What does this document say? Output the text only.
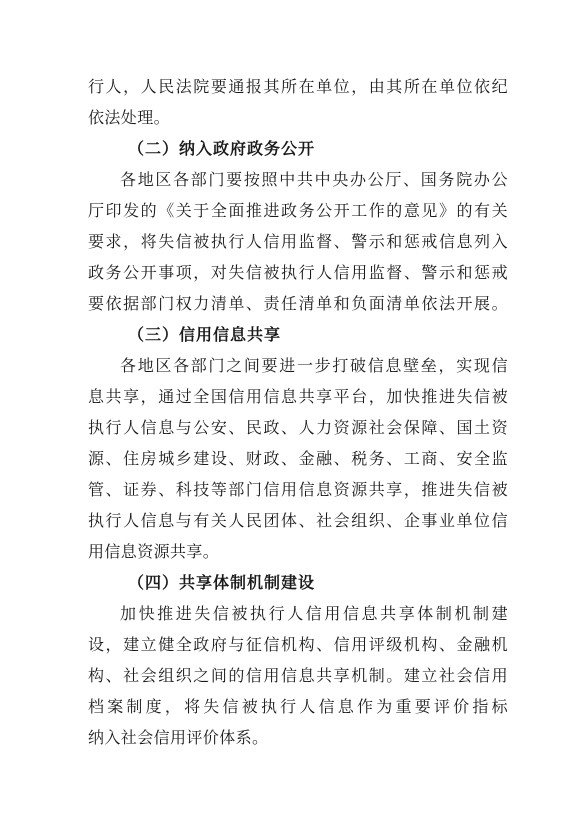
行人，人民法院要通报其所在单位，由其所在单位依纪
依法处理。
（二）纳入政府政务公开
各地区各部门要按照中共中央办公厅、国务院办公
厅印发的《关于全面推进政务公开工作的意见》的有关
要求，将失信被执行人信用监督、警示和惩戒信息列入
政务公开事项，对失信被执行人信用监督、警示和惩戒
要依据部门权力清单、责任清单和负面清单依法开展。
（三）信用信息共享
各地区各部门之间要进一步打破信息壁垒，实现信
息共享，通过全国信用信息共享平台，加快推进失信被
执行人信息与公安、民政、人力资源社会保障、国土资
源、住房城乡建设、财政、金融、税务、工商、安全监
管、证券、科技等部门信用信息资源共享，推进失信被
执行人信息与有关人民团体、社会组织、企事业单位信
用信息资源共享。
（四）共享体制机制建设
加快推进失信被执行人信用信息共享体制机制建
设，建立健全政府与征信机构、信用评级机构、金融机
构、社会组织之间的信用信息共享机制。建立社会信用
档案制度，将失信被执行人信息作为重要评价指标
纳入社会信用评价体系。
